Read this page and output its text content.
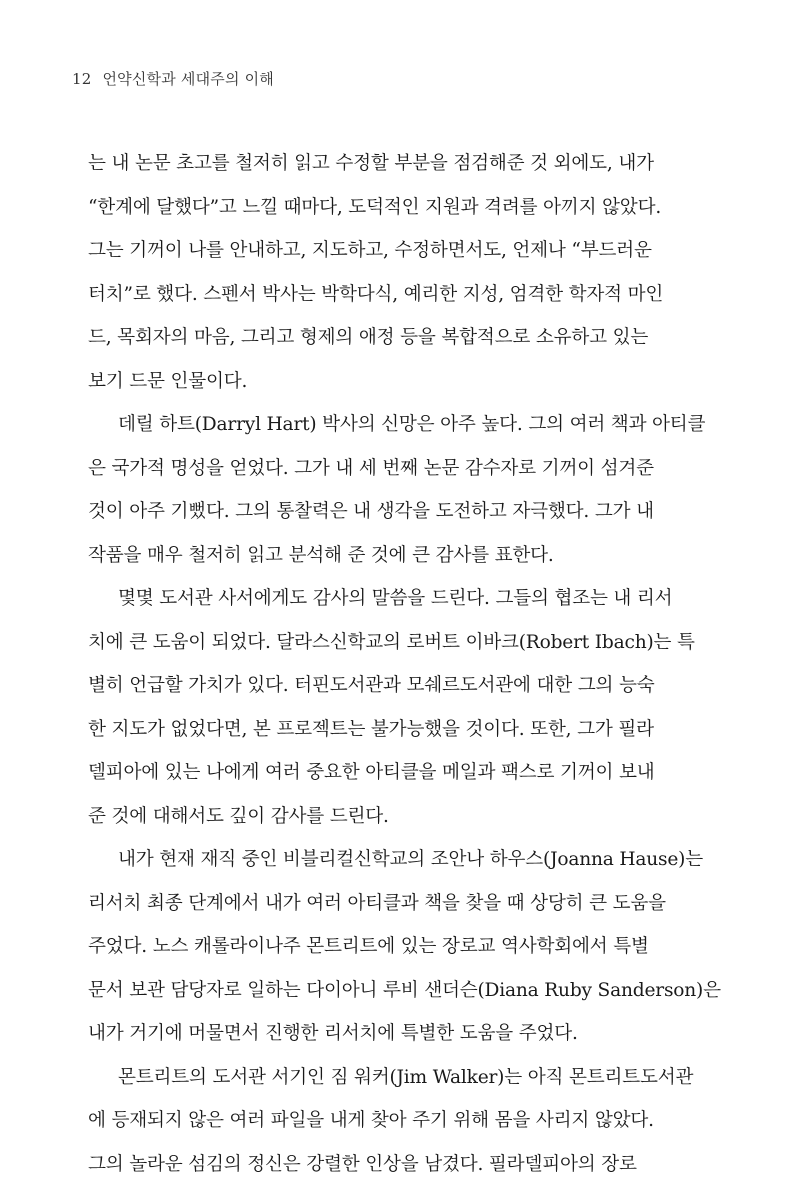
12 언약신학과 세대주의 이해
는 내 논문 초고를 철저히 읽고 수정할 부분을 점검해준 것 외에도, 내가
“한계에 달했다”고 느낄 때마다, 도덕적인 지원과 격려를 아끼지 않았다.
그는 기꺼이 나를 안내하고, 지도하고, 수정하면서도, 언제나 “부드러운
터치”로 했다. 스펜서 박사는 박학다식, 예리한 지성, 엄격한 학자적 마인
드, 목회자의 마음, 그리고 형제의 애정 등을 복합적으로 소유하고 있는
보기 드문 인물이다.
데릴 하트(Darryl Hart) 박사의 신망은 아주 높다. 그의 여러 책과 아티클
은 국가적 명성을 얻었다. 그가 내 세 번째 논문 감수자로 기꺼이 섬겨준
것이 아주 기뻤다. 그의 통찰력은 내 생각을 도전하고 자극했다. 그가 내
작품을 매우 철저히 읽고 분석해 준 것에 큰 감사를 표한다.
몇몇 도서관 사서에게도 감사의 말씀을 드린다. 그들의 협조는 내 리서
치에 큰 도움이 되었다. 달라스신학교의 로버트 이바크(Robert Ibach)는 특
별히 언급할 가치가 있다. 터핀도서관과 모쉐르도서관에 대한 그의 능숙
한 지도가 없었다면, 본 프로젝트는 불가능했을 것이다. 또한, 그가 필라
델피아에 있는 나에게 여러 중요한 아티클을 메일과 팩스로 기꺼이 보내
준 것에 대해서도 깊이 감사를 드린다.
내가 현재 재직 중인 비블리컬신학교의 조안나 하우스(Joanna Hause)는
리서치 최종 단계에서 내가 여러 아티클과 책을 찾을 때 상당히 큰 도움을
주었다. 노스 캐롤라이나주 몬트리트에 있는 장로교 역사학회에서 특별
문서 보관 담당자로 일하는 다이아니 루비 샌더슨(Diana Ruby Sanderson)은
내가 거기에 머물면서 진행한 리서치에 특별한 도움을 주었다.
몬트리트의 도서관 서기인 짐 워커(Jim Walker)는 아직 몬트리트도서관
에 등재되지 않은 여러 파일을 내게 찾아 주기 위해 몸을 사리지 않았다.
그의 놀라운 섬김의 정신은 강렬한 인상을 남겼다. 필라델피아의 장로
